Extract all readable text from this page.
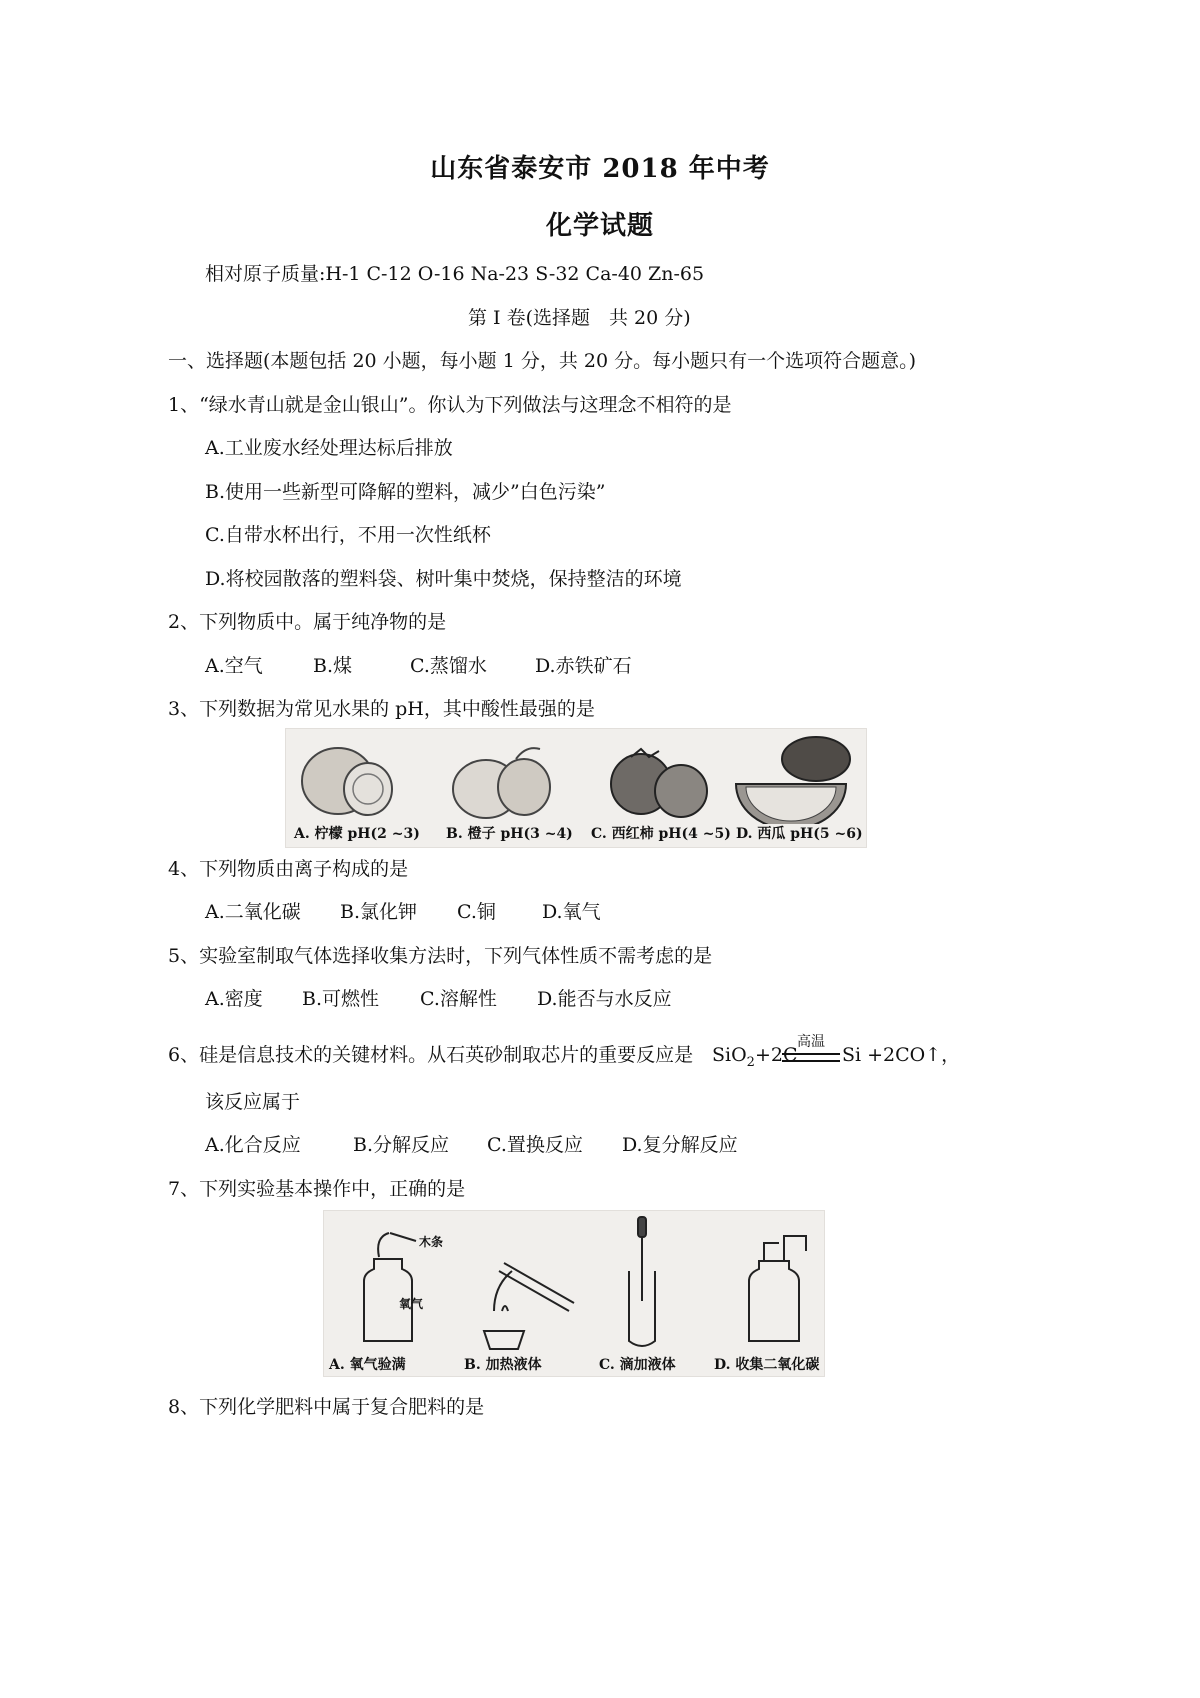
山东省泰安市 2018 年中考
化学试题
相对原子质量:H-1 C-12 O-16 Na-23 S-32 Ca-40 Zn-65
第 I 卷(选择题　共 20 分)
一、选择题(本题包括 20 小题，每小题 1 分，共 20 分。每小题只有一个选项符合题意。)
1、“绿水青山就是金山银山”。你认为下列做法与这理念不相符的是
A.工业废水经处理达标后排放
B.使用一些新型可降解的塑料，减少”白色污染”
C.自带水杯出行，不用一次性纸杯
D.将校园散落的塑料袋、树叶集中焚烧，保持整洁的环境
2、下列物质中。属于纯净物的是
A.空气	B.煤	C.蒸馏水	D.赤铁矿石
3、下列数据为常见水果的 pH，其中酸性最强的是
A. 柠檬 pH(2 ~3) B. 橙子 pH(3 ~4) C. 西红柿 pH(4 ~5) D. 西瓜 pH(5 ~6)
4、下列物质由离子构成的是
A.二氧化碳 B.氯化钾 C.铜 D.氧气
5、实验室制取气体选择收集方法时，下列气体性质不需考虑的是
A.密度 B.可燃性 C.溶解性 D.能否与水反应
6、硅是信息技术的关键材料。从石英砂制取芯片的重要反应是 SiO$_2$+2C
高温
Si +2CO↑，
该反应属于
A.化合反应	B.分解反应 C.置换反应 D.复分解反应
7、下列实验基本操作中，正确的是
木条
氧气
A. 氧气验满	B. 加热液体	C. 滴加液体	D. 收集二氧化碳
8、下列化学肥料中属于复合肥料的是
